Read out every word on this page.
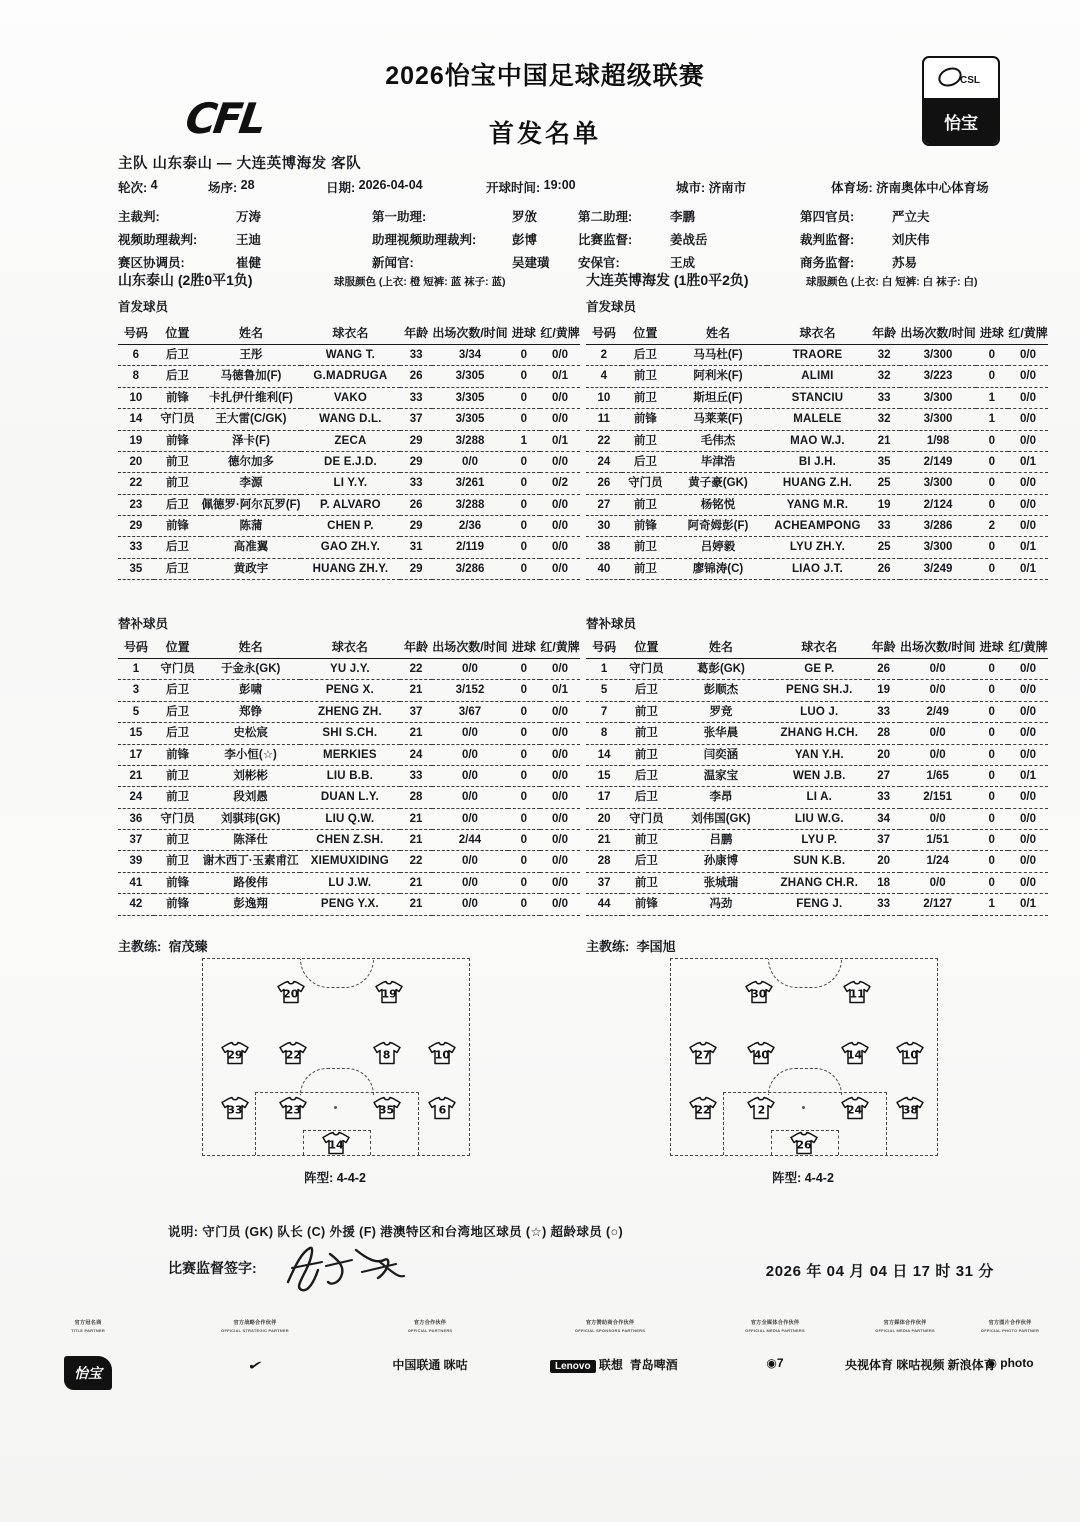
CFL
2026怡宝中国足球超级联赛
首发名单
CSL
怡宝
主队 山东泰山 — 大连英博海发 客队
轮次:
4	场序:
28	日期:
2026-04-04	开球时间:
19:00	城市:
济南市	体育场:
济南奥体中心体育场
主裁判:	万涛	第一助理:	罗攽	第二助理:	李鹏	第四官员:	严立夫
视频助理裁判:	王迪	助理视频助理裁判:	彭博	比赛监督:	姜战岳	裁判监督:	刘庆伟
赛区协调员:	崔健	新闻官:	吴建璜 安保官:	王成	商务监督:	苏易
山东泰山 (2胜0平1负)	球服颜色 (上衣: 橙 短裤: 蓝 袜子: 蓝)
首发球员
大连英博海发 (1胜0平2负)	球服颜色 (上衣: 白 短裤: 白 袜子: 白)
首发球员
号码	位置	姓名	球衣名	年龄	出场次数/时间	进球	红/黄牌
6	后卫	王彤	WANG T.	33	3/34	0	0/0
8	后卫	马德鲁加(F)	G.MADRUGA	26	3/305	0	0/1
10	前锋	卡扎伊什维利(F)	VAKO	33	3/305	0	0/0
14	守门员	王大雷(C/GK)	WANG D.L.	37	3/305	0	0/0
19	前锋	泽卡(F)	ZECA	29	3/288	1	0/1
20	前卫	德尔加多	DE E.J.D.	29	0/0	0	0/0
22	前卫	李源	LI Y.Y.	33	3/261	0	0/2
23	后卫	佩德罗·阿尔瓦罗(F)	P. ALVARO	26	3/288	0	0/0
29	前锋	陈蒲	CHEN P.	29	2/36	0	0/0
33	后卫	高准翼	GAO ZH.Y.	31	2/119	0	0/0
35	后卫	黄政宇	HUANG ZH.Y.	29	3/286	0	0/0
号码	位置	姓名	球衣名	年龄	出场次数/时间	进球	红/黄牌
2	后卫	马马杜(F)	TRAORE	32	3/300	0	0/0
4	前卫	阿利米(F)	ALIMI	32	3/223	0	0/0
10	前卫	斯坦丘(F)	STANCIU	33	3/300	1	0/0
11	前锋	马莱莱(F)	MALELE	32	3/300	1	0/0
22	前卫	毛伟杰	MAO W.J.	21	1/98	0	0/0
24	后卫	毕津浩	BI J.H.	35	2/149	0	0/1
26	守门员	黄子豪(GK)	HUANG Z.H.	25	3/300	0	0/0
27	前卫	杨铭悦	YANG M.R.	19	2/124	0	0/0
30	前锋	阿奇姆彭(F)	ACHEAMPONG	33	3/286	2	0/0
38	前卫	吕婷毅	LYU ZH.Y.	25	3/300	0	0/1
40	前卫	廖锦涛(C)	LIAO J.T.	26	3/249	0	0/1
替补球员	替补球员
号码	位置	姓名	球衣名	年龄	出场次数/时间	进球	红/黄牌
1	守门员	于金永(GK)	YU J.Y.	22	0/0	0	0/0
3	后卫	彭啸	PENG X.	21	3/152	0	0/1
5	后卫	郑铮	ZHENG ZH.	37	3/67	0	0/0
15	后卫	史松宸	SHI S.CH.	21	0/0	0	0/0
17	前锋	李小恒(☆)	MERKIES	24	0/0	0	0/0
21	前卫	刘彬彬	LIU B.B.	33	0/0	0	0/0
24	前卫	段刘愚	DUAN L.Y.	28	0/0	0	0/0
36	守门员	刘骐玮(GK)	LIU Q.W.	21	0/0	0	0/0
37	前卫	陈泽仕	CHEN Z.SH.	21	2/44	0	0/0
39	前卫	谢木西丁·玉素甫江	XIEMUXIDING	22	0/0	0	0/0
41	前锋	路俊伟	LU J.W.	21	0/0	0	0/0
42	前锋	彭逸翔	PENG Y.X.	21	0/0	0	0/0
号码	位置	姓名	球衣名	年龄	出场次数/时间	进球	红/黄牌
1	守门员	葛彭(GK)	GE P.	26	0/0	0	0/0
5	后卫	彭顺杰	PENG SH.J.	19	0/0	0	0/0
7	前卫	罗竞	LUO J.	33	2/49	0	0/0
8	前卫	张华晨	ZHANG H.CH.	28	0/0	0	0/0
14	前卫	闫奕涵	YAN Y.H.	20	0/0	0	0/0
15	后卫	温家宝	WEN J.B.	27	1/65	0	0/1
17	后卫	李昂	LI A.	33	2/151	0	0/0
20	守门员	刘伟国(GK)	LIU W.G.	34	0/0	0	0/0
21	前卫	吕鹏	LYU P.	37	1/51	0	0/0
28	后卫	孙康博	SUN K.B.	20	1/24	0	0/0
37	前卫	张城瑞	ZHANG CH.R.	18	0/0	0	0/0
44	前锋	冯劲	FENG J.	33	2/127	1	0/1
主教练: 宿茂臻	主教练: 李国旭
20	19
29	22	8	10
33	23	35	6
14
阵型: 4-4-2
30	11
27	40	14	10
22	2	24	38
26
阵型: 4-4-2
说明: 守门员 (GK) 队长 (C) 外援 (F) 港澳特区和台湾地区球员 (☆) 超龄球员 (○)
比赛监督签字:	2026 年 04 月 04 日 17 时 31 分
官方冠名商
TITLE PARTNER
怡宝
官方战略合作伙伴
OFFICIAL STRATEGIC PARTNER
✔
官方合作伙伴
OFFICIAL PARTNERS
中国联通 咪咕
官方赞助商合作伙伴
OFFICIAL SPONSORS PARTNERS
Lenovo 联想  青岛啤酒
官方全媒体合作伙伴
OFFICIAL MEDIA PARTNERS
◉7
官方媒体合作伙伴
OFFICIAL MEDIA PARTNERS
央视体育 咪咕视频 新浪体育
官方图片合作伙伴
OFFICIAL PHOTO PARTNER
◉ photo
